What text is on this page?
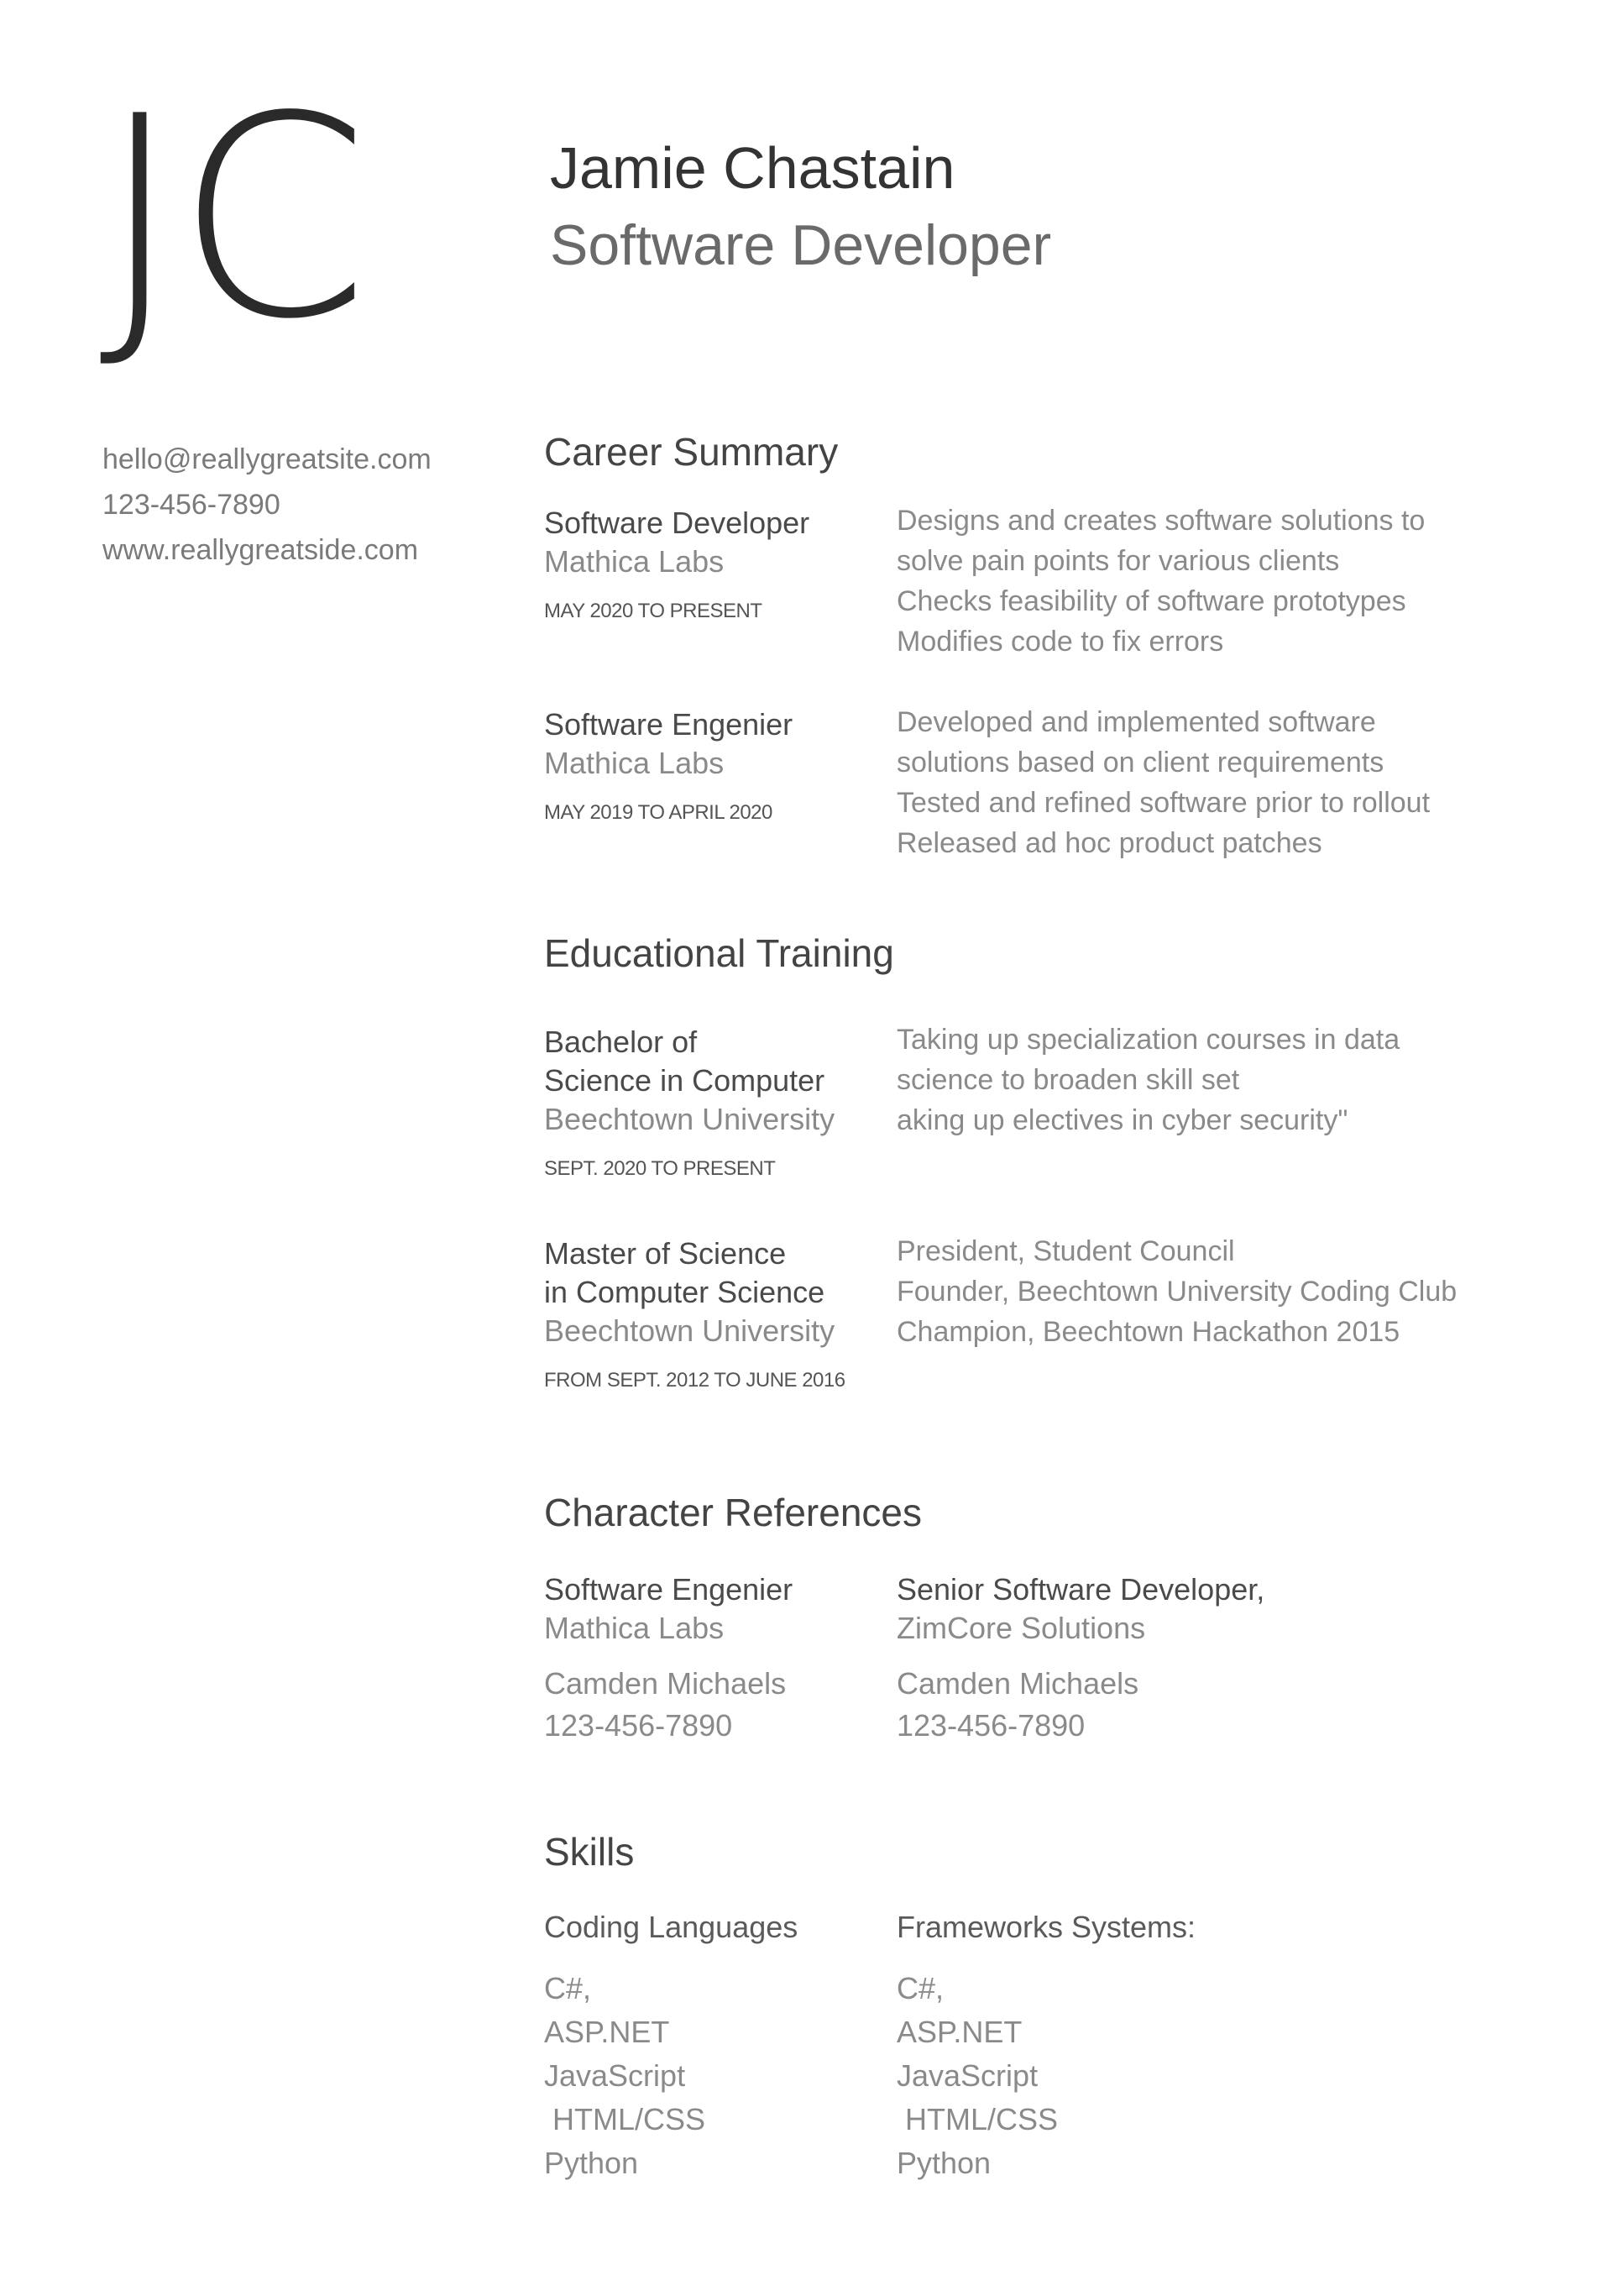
JC	Jamie Chastain
Software Developer
hello@reallygreatsite.com
123-456-7890
www.reallygreatside.com
Career Summary
Software Developer
Mathica Labs
MAY 2020 TO PRESENT
Designs and creates software solutions to
solve pain points for various clients
Checks feasibility of software prototypes
Modifies code to fix errors
Software Engenier
Mathica Labs
MAY 2019 TO APRIL 2020
Developed and implemented software
solutions based on client requirements
Tested and refined software prior to rollout
Released ad hoc product patches
Educational Training
Bachelor of
Science in Computer
Beechtown University
SEPT. 2020 TO PRESENT
Taking up specialization courses in data
science to broaden skill set
aking up electives in cyber security"
Master of Science
in Computer Science
Beechtown University
FROM SEPT. 2012 TO JUNE 2016
President, Student Council
Founder, Beechtown University Coding Club
Champion, Beechtown Hackathon 2015
Character References
Software Engenier
Mathica Labs
Camden Michaels
123-456-7890
Senior Software Developer,
ZimCore Solutions
Camden Michaels
123-456-7890
Skills
Coding Languages
C#,
ASP.NET
JavaScript
HTML/CSS
Python
Frameworks Systems:
C#,
ASP.NET
JavaScript
HTML/CSS
Python
